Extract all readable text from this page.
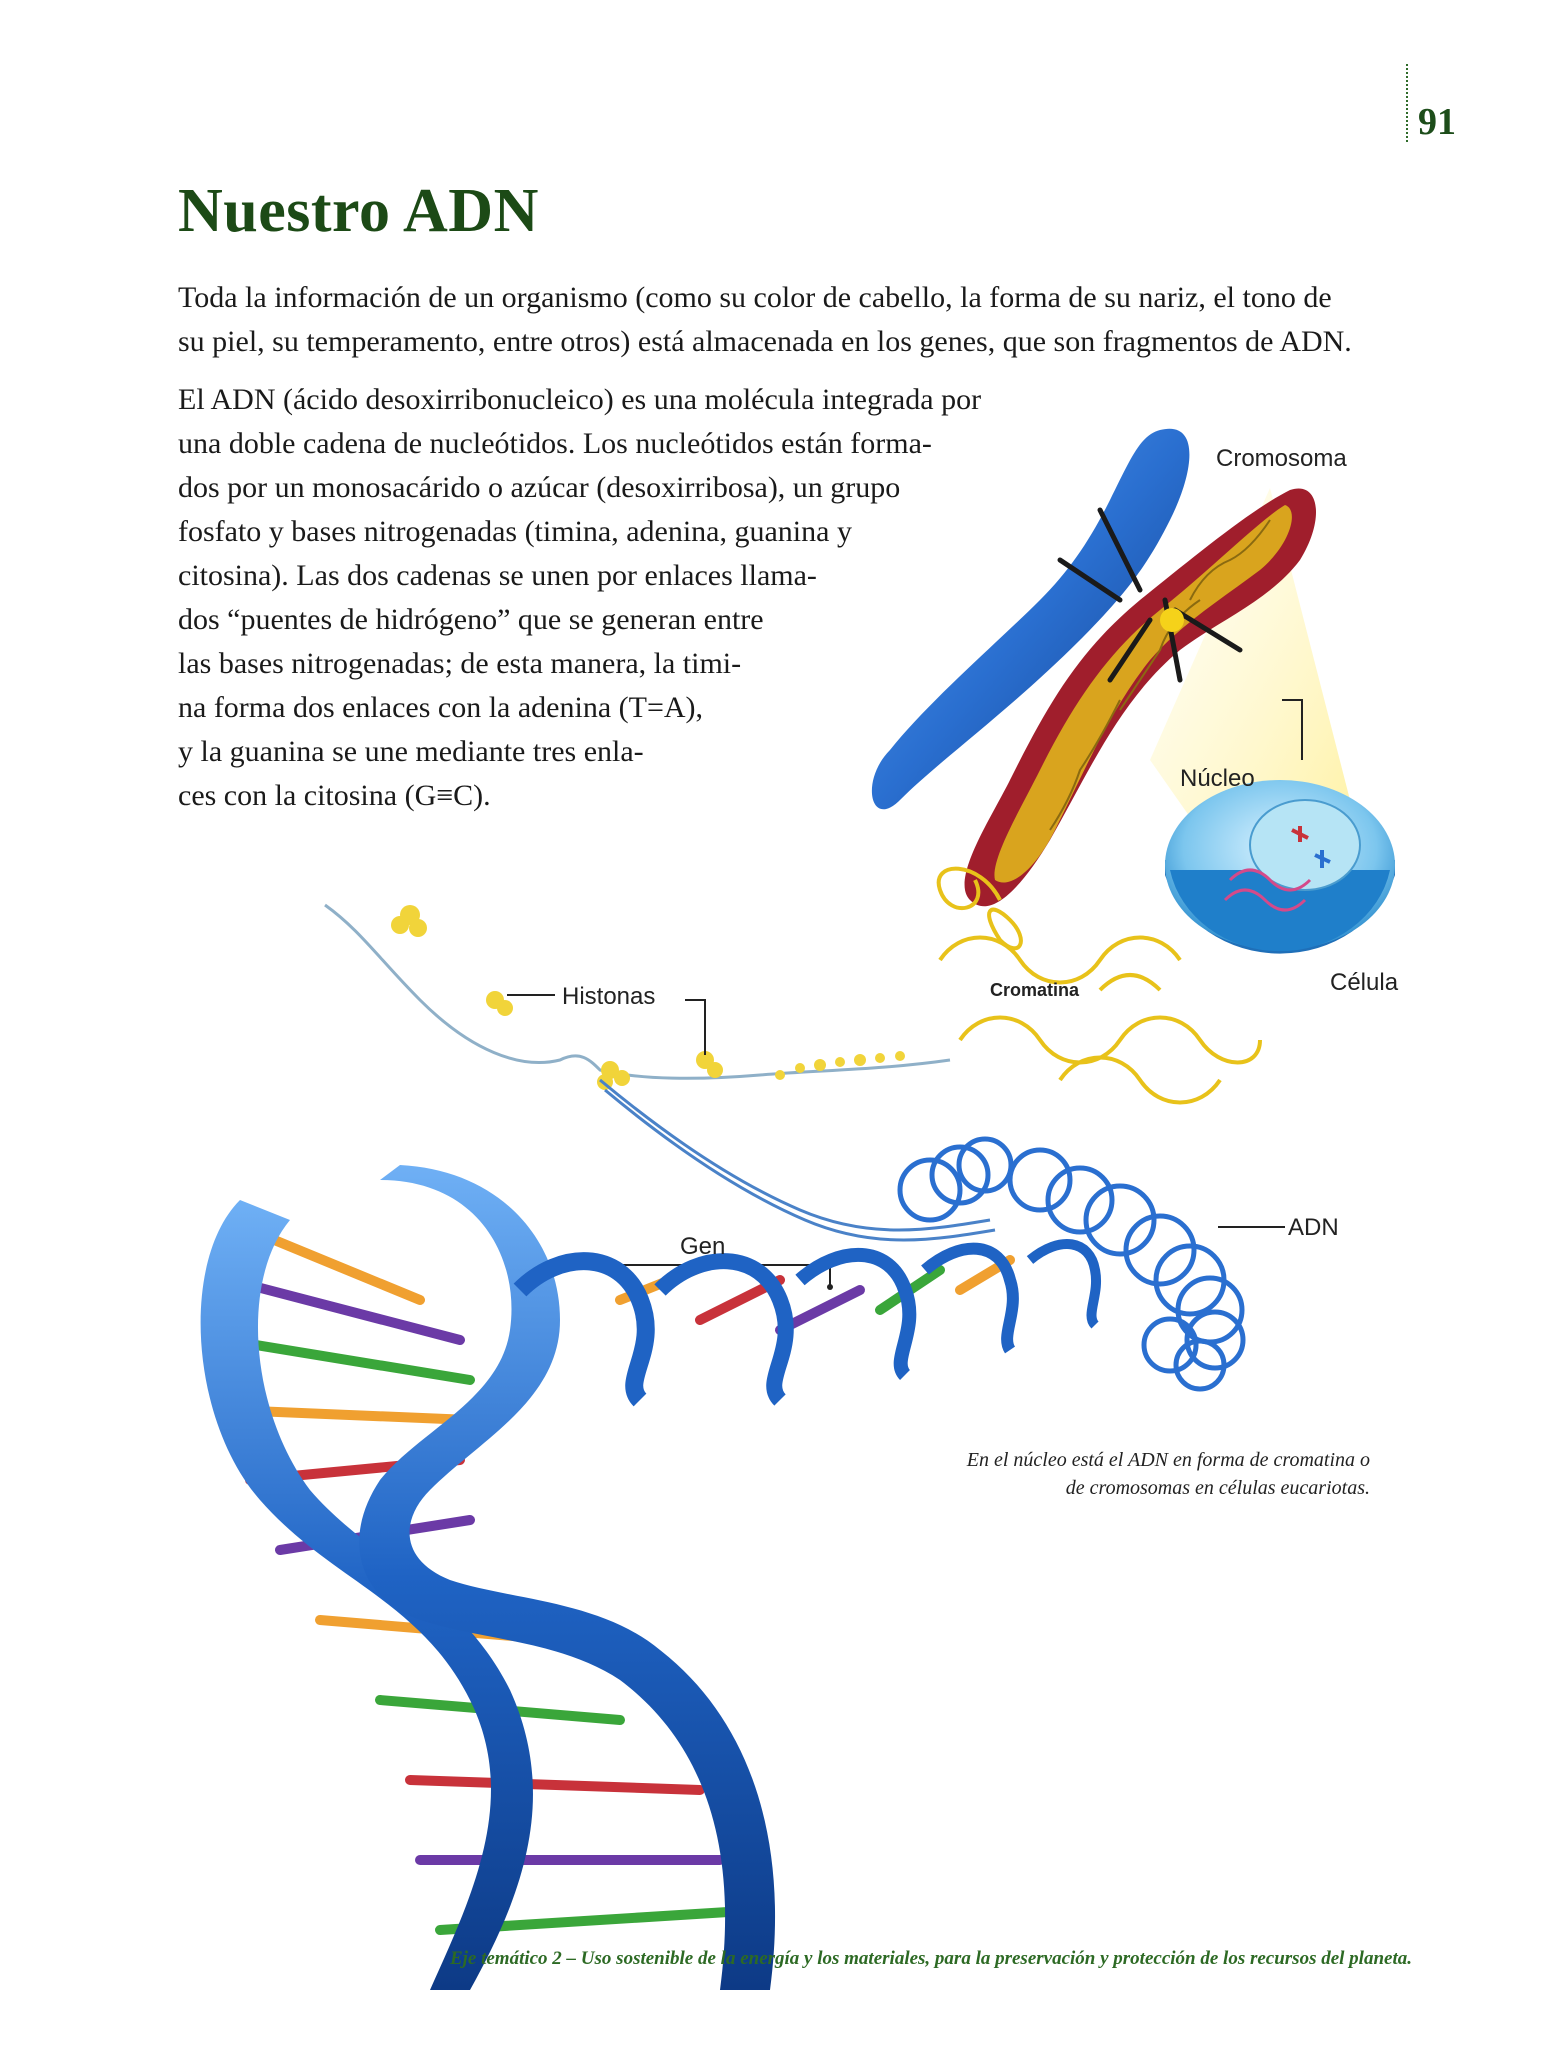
91
Nuestro ADN

Toda la información de un organismo (como su color de cabello, la forma de su nariz, el tono de
su piel, su temperamento, entre otros) está almacenada en los genes, que son fragmentos de ADN.

Cromosoma
Núcleo
Célula
Cromatina
Histonas
ADN
Gen

El ADN (ácido desoxirribonucleico) es una molécula integrada por
una doble cadena de nucleótidos. Los nucleótidos están forma-
dos por un monosacárido o azúcar (desoxirribosa), un grupo
fosfato y bases nitrogenadas (timina, adenina, guanina y
citosina). Las dos cadenas se unen por enlaces llama-
dos “puentes de hidrógeno” que se generan entre
las bases nitrogenadas; de esta manera, la timi-
na forma dos enlaces con la adenina (T=A),
y la guanina se une mediante tres enla-
ces con la citosina (G≡C).

En el núcleo está el ADN en forma de cromatina o
de cromosomas en células eucariotas.

Eje temático 2 – Uso sostenible de la energía y los materiales, para la preservación y protección de los recursos del planeta.
